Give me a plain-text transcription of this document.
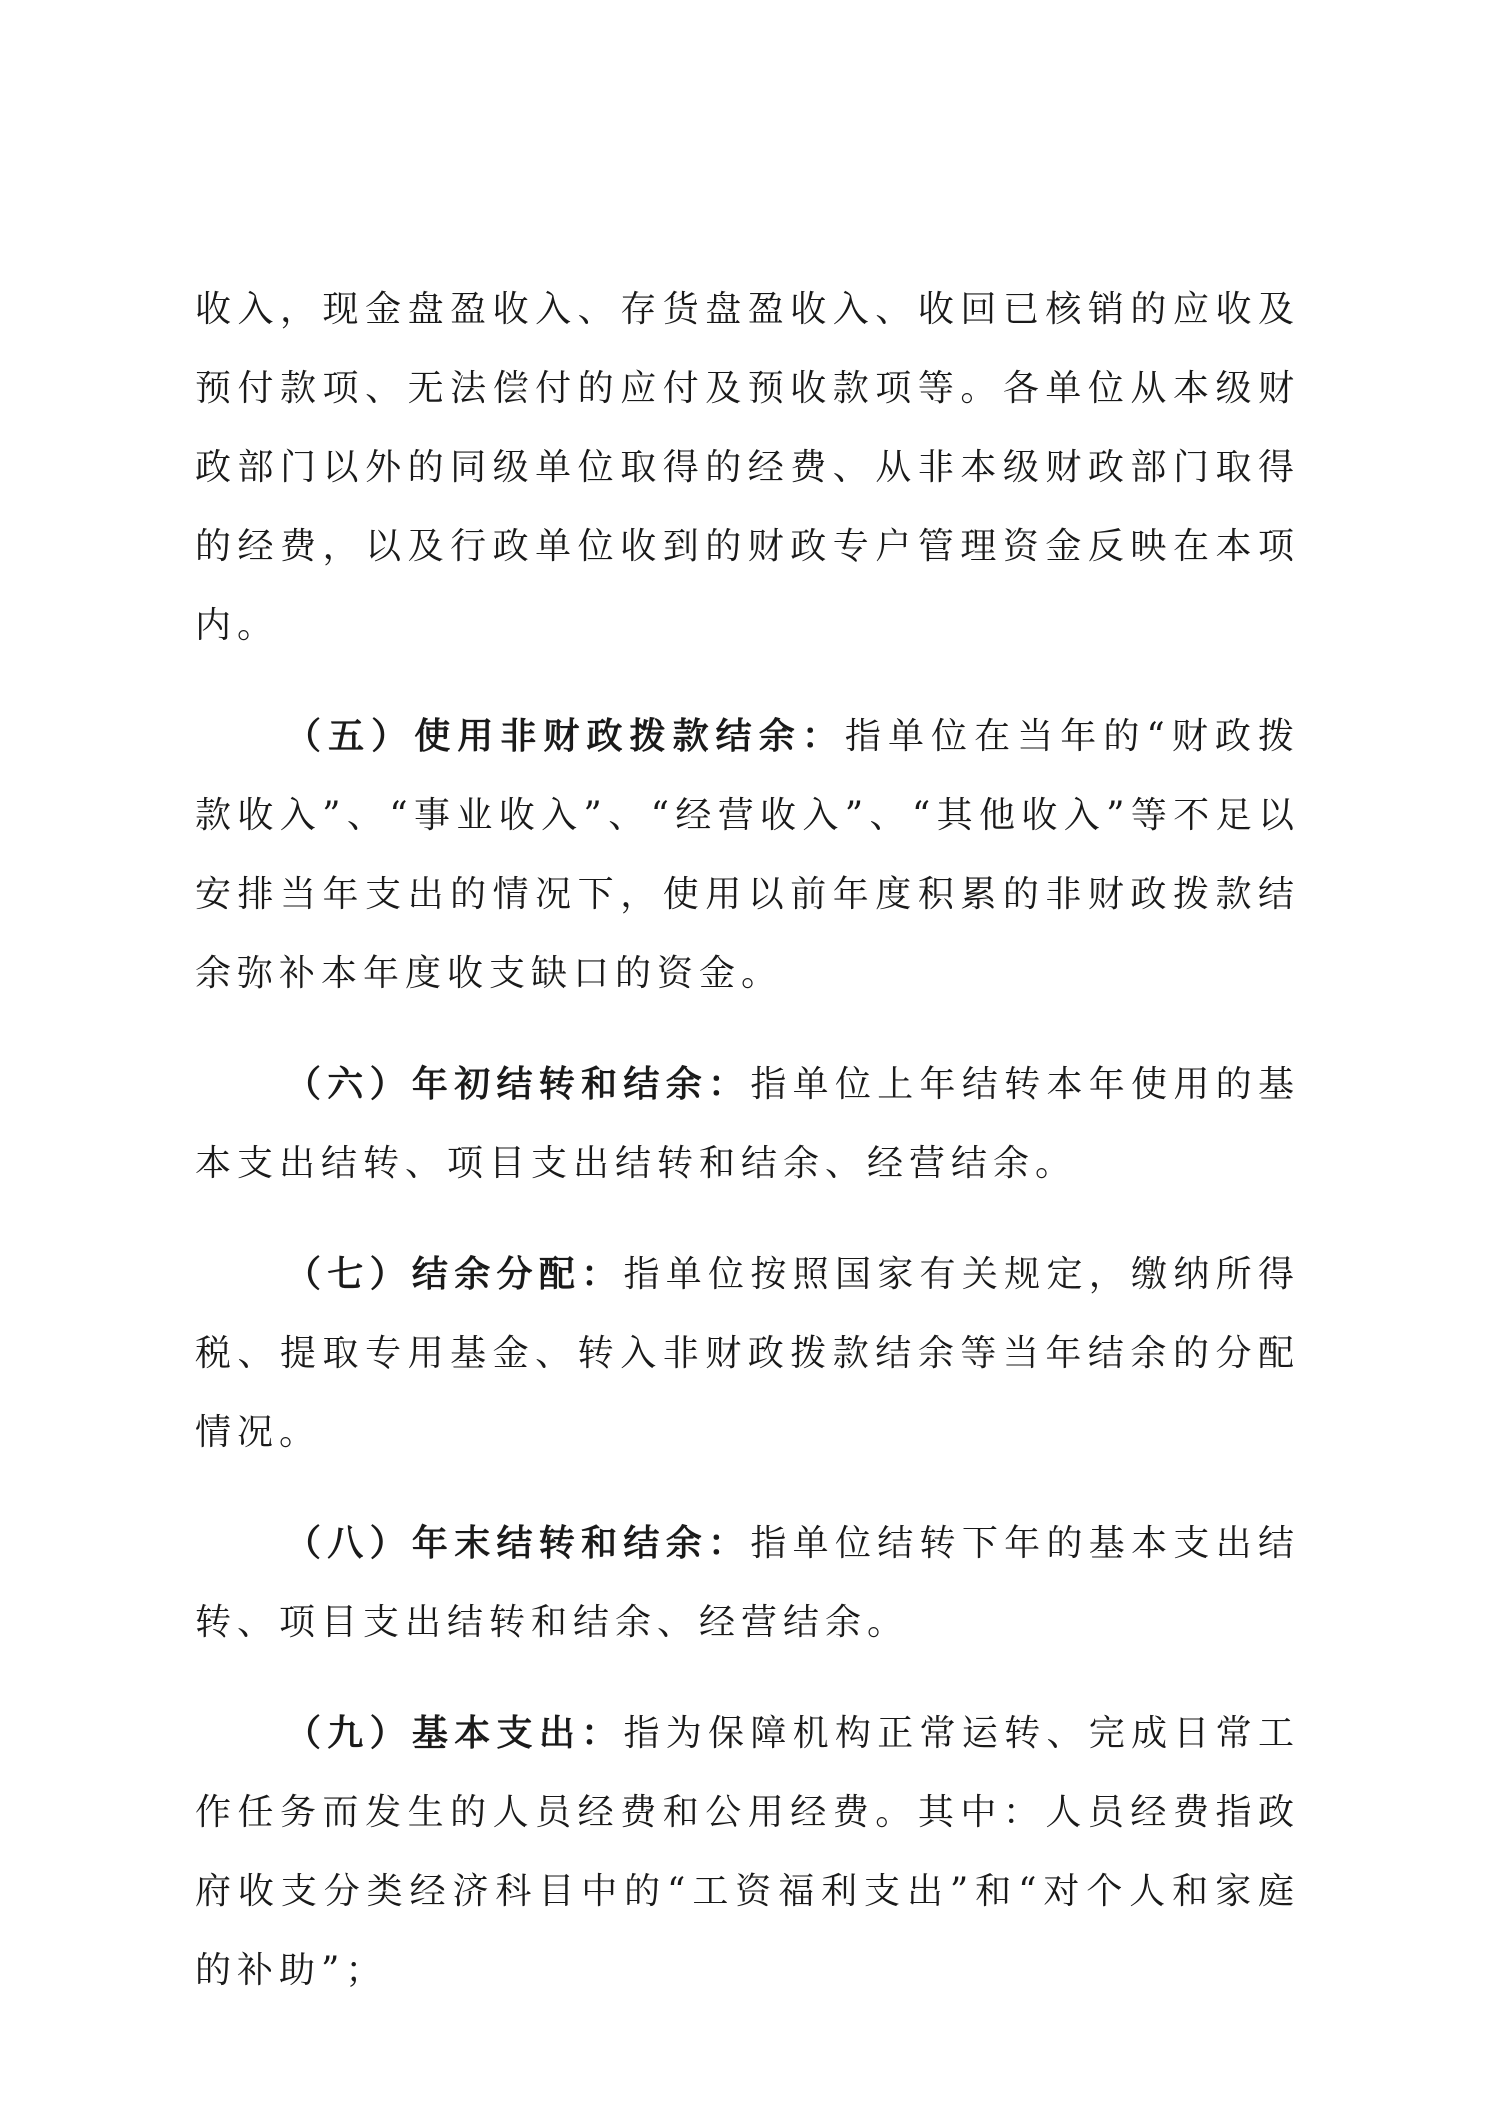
收入，现金盘盈收入、存货盘盈收入、收回已核销的应收及预付款项、无法偿付的应付及预收款项等。各单位从本级财政部门以外的同级单位取得的经费、从非本级财政部门取得的经费，以及行政单位收到的财政专户管理资金反映在本项内。

（五）使用非财政拨款结余：指单位在当年的“财政拨款收入”、“事业收入”、“经营收入”、“其他收入”等不足以安排当年支出的情况下，使用以前年度积累的非财政拨款结余弥补本年度收支缺口的资金。

（六）年初结转和结余：指单位上年结转本年使用的基本支出结转、项目支出结转和结余、经营结余。

（七）结余分配：指单位按照国家有关规定，缴纳所得税、提取专用基金、转入非财政拨款结余等当年结余的分配情况。

（八）年末结转和结余：指单位结转下年的基本支出结转、项目支出结转和结余、经营结余。

（九）基本支出：指为保障机构正常运转、完成日常工作任务而发生的人员经费和公用经费。其中：人员经费指政府收支分类经济科目中的“工资福利支出”和“对个人和家庭的补助”；
